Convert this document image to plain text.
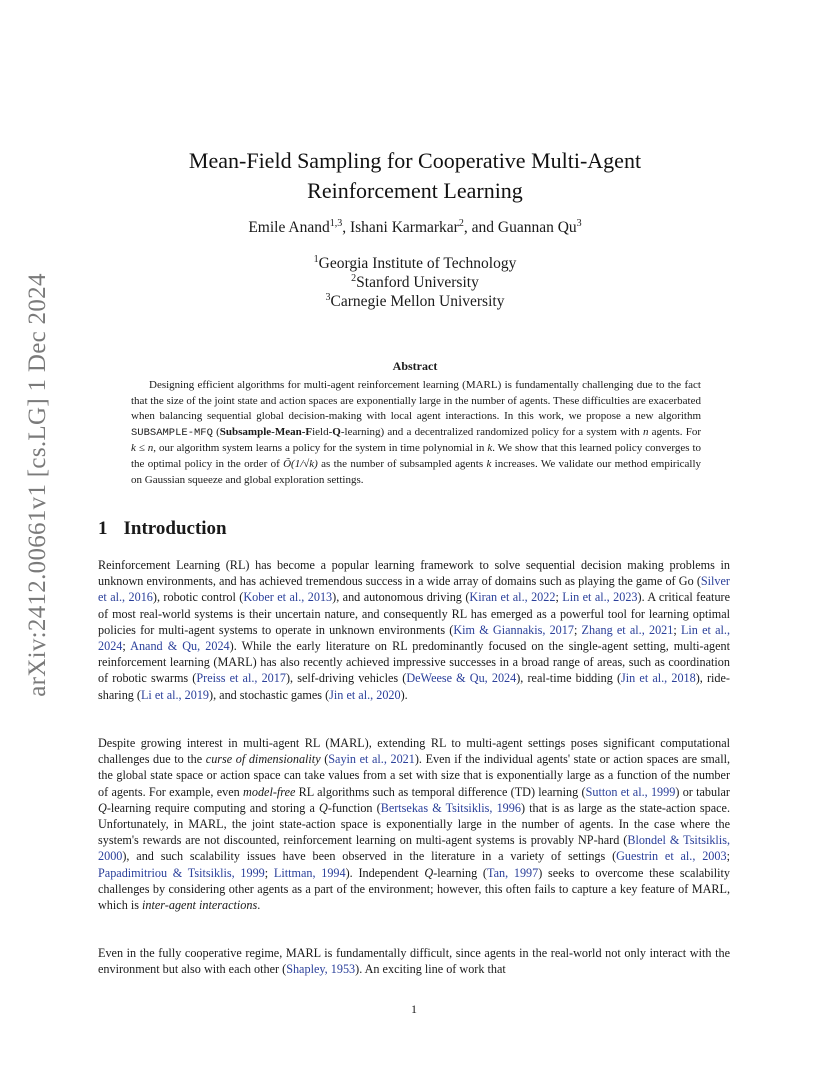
arXiv:2412.00661v1 [cs.LG] 1 Dec 2024
Mean-Field Sampling for Cooperative Multi-Agent Reinforcement Learning
Emile Anand$^{1,3}$, Ishani Karmarkar$^2$, and Guannan Qu$^3$
$^1$Georgia Institute of Technology
$^2$Stanford University
$^3$Carnegie Mellon University
Abstract
Designing efficient algorithms for multi-agent reinforcement learning (MARL) is fundamentally challenging due to the fact that the size of the joint state and action spaces are exponentially large in the number of agents. These difficulties are exacerbated when balancing sequential global decision-making with local agent interactions. In this work, we propose a new algorithm SUBSAMPLE-MFQ (Subsample-Mean-Field-Q-learning) and a decentralized randomized policy for a system with n agents. For k ≤ n, our algorithm system learns a policy for the system in time polynomial in k. We show that this learned policy converges to the optimal policy in the order of Õ(1/√k) as the number of subsampled agents k increases. We validate our method empirically on Gaussian squeeze and global exploration settings.
1 Introduction
Reinforcement Learning (RL) has become a popular learning framework to solve sequential decision making problems in unknown environments, and has achieved tremendous success in a wide array of domains such as playing the game of Go (Silver et al., 2016), robotic control (Kober et al., 2013), and autonomous driving (Kiran et al., 2022; Lin et al., 2023). A critical feature of most real-world systems is their uncertain nature, and consequently RL has emerged as a powerful tool for learning optimal policies for multi-agent systems to operate in unknown environments (Kim & Giannakis, 2017; Zhang et al., 2021; Lin et al., 2024; Anand & Qu, 2024). While the early literature on RL predominantly focused on the single-agent setting, multi-agent reinforcement learning (MARL) has also recently achieved impressive successes in a broad range of areas, such as coordination of robotic swarms (Preiss et al., 2017), self-driving vehicles (DeWeese & Qu, 2024), real-time bidding (Jin et al., 2018), ride-sharing (Li et al., 2019), and stochastic games (Jin et al., 2020).
Despite growing interest in multi-agent RL (MARL), extending RL to multi-agent settings poses significant computational challenges due to the curse of dimensionality (Sayin et al., 2021). Even if the individual agents' state or action spaces are small, the global state space or action space can take values from a set with size that is exponentially large as a function of the number of agents. For example, even model-free RL algorithms such as temporal difference (TD) learning (Sutton et al., 1999) or tabular Q-learning require computing and storing a Q-function (Bertsekas & Tsitsiklis, 1996) that is as large as the state-action space. Unfortunately, in MARL, the joint state-action space is exponentially large in the number of agents. In the case where the system's rewards are not discounted, reinforcement learning on multi-agent systems is provably NP-hard (Blondel & Tsitsiklis, 2000), and such scalability issues have been observed in the literature in a variety of settings (Guestrin et al., 2003; Papadimitriou & Tsitsiklis, 1999; Littman, 1994). Independent Q-learning (Tan, 1997) seeks to overcome these scalability challenges by considering other agents as a part of the environment; however, this often fails to capture a key feature of MARL, which is inter-agent interactions.
Even in the fully cooperative regime, MARL is fundamentally difficult, since agents in the real-world not only interact with the environment but also with each other (Shapley, 1953). An exciting line of work that
1
